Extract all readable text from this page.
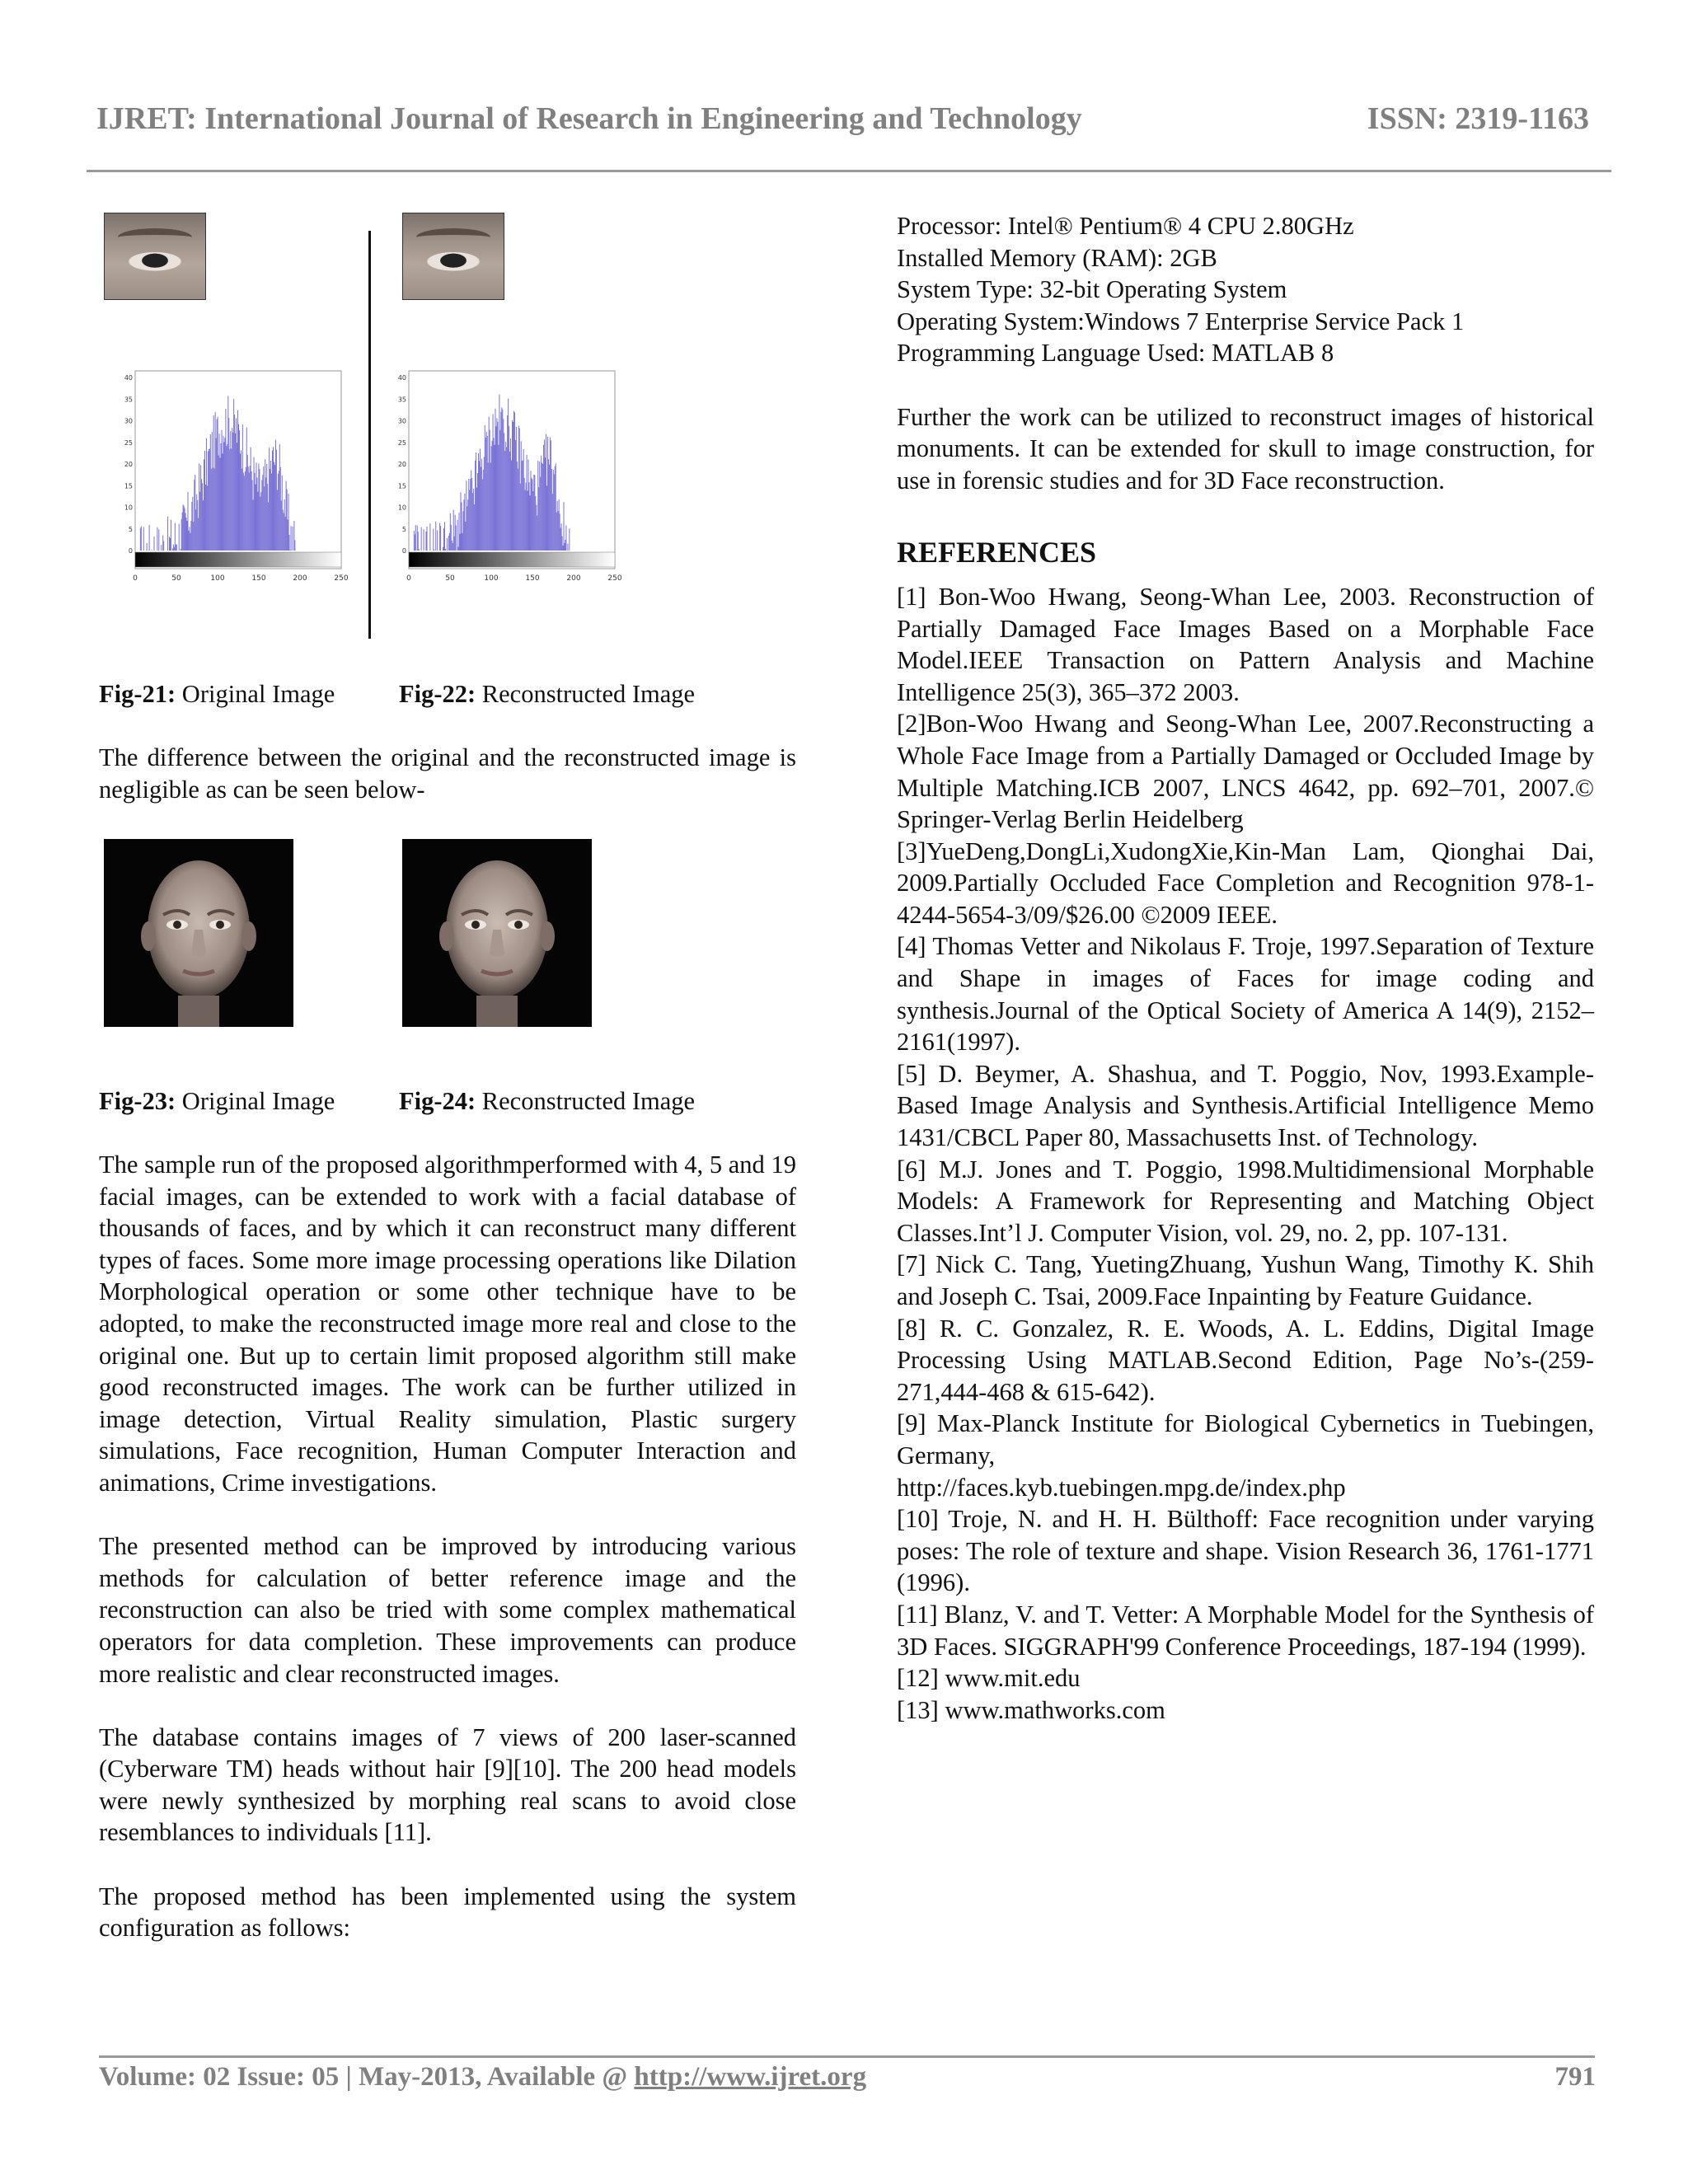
IJRET: International Journal of Research in Engineering and Technology	ISSN: 2319-1163
0	50	100	150	200	250
0
5
10
15
20
25
30
35
40
0	50	100	150	200	250
0
5
10
15
20
25
30
35
40
Fig-21: Original Image	Fig-22: Reconstructed Image

The difference between the original and the reconstructed image is negligible as can be seen below-

Fig-23: Original Image	Fig-24: Reconstructed Image

The sample run of the proposed algorithmperformed with 4, 5 and 19 facial images, can be extended to work with a facial database of thousands of faces, and by which it can reconstruct many different types of faces. Some more image processing operations like Dilation Morphological operation or some other technique have to be adopted, to make the reconstructed image more real and close to the original one. But up to certain limit proposed algorithm still make good reconstructed images. The work can be further utilized in image detection, Virtual Reality simulation, Plastic surgery simulations, Face recognition, Human Computer Interaction and animations, Crime investigations.

The presented method can be improved by introducing various methods for calculation of better reference image and the reconstruction can also be tried with some complex mathematical operators for data completion. These improvements can produce more realistic and clear reconstructed images.

The database contains images of 7 views of 200 laser-scanned (Cyberware TM) heads without hair [9][10]. The 200 head models were newly synthesized by morphing real scans to avoid close resemblances to individuals [11].

The proposed method has been implemented using the system configuration as follows:

Processor: Intel® Pentium® 4 CPU 2.80GHz

Installed Memory (RAM): 2GB

System Type: 32-bit Operating System

Operating System:Windows 7 Enterprise Service Pack 1

Programming Language Used: MATLAB 8

Further the work can be utilized to reconstruct images of historical monuments. It can be extended for skull to image construction, for use in forensic studies and for 3D Face reconstruction.

REFERENCES

[1] Bon-Woo Hwang, Seong-Whan Lee, 2003. Reconstruction of Partially Damaged Face Images Based on a Morphable Face Model.IEEE Transaction on Pattern Analysis and Machine Intelligence 25(3), 365–372 2003.

[2]Bon-Woo Hwang and Seong-Whan Lee, 2007.Reconstructing a Whole Face Image from a Partially Damaged or Occluded Image by Multiple Matching.ICB 2007, LNCS 4642, pp. 692–701, 2007.© Springer-Verlag Berlin Heidelberg

[3]YueDeng,DongLi,XudongXie,Kin-Man Lam, Qionghai Dai, 2009.Partially Occluded Face Completion and Recognition 978-1-4244-5654-3/09/$26.00 ©2009 IEEE.

[4] Thomas Vetter and Nikolaus F. Troje, 1997.Separation of Texture and Shape in images of Faces for image coding and synthesis.Journal of the Optical Society of America A 14(9), 2152–2161(1997).

[5] D. Beymer, A. Shashua, and T. Poggio, Nov, 1993.Example-Based Image Analysis and Synthesis.Artificial Intelligence Memo 1431/CBCL Paper 80, Massachusetts Inst. of Technology.

[6] M.J. Jones and T. Poggio, 1998.Multidimensional Morphable Models: A Framework for Representing and Matching Object Classes.Int’l J. Computer Vision, vol. 29, no. 2, pp. 107-131.

[7] Nick C. Tang, YuetingZhuang, Yushun Wang, Timothy K. Shih and Joseph C. Tsai, 2009.Face Inpainting by Feature Guidance.

[8] R. C. Gonzalez, R. E. Woods, A. L. Eddins, Digital Image Processing Using MATLAB.Second Edition, Page No’s-(259-271,444-468 & 615-642).

[9] Max-Planck Institute for Biological Cybernetics in Tuebingen, Germany,

http://faces.kyb.tuebingen.mpg.de/index.php

[10] Troje, N. and H. H. Bülthoff: Face recognition under varying poses: The role of texture and shape. Vision Research 36, 1761-1771 (1996).

[11] Blanz, V. and T. Vetter: A Morphable Model for the Synthesis of 3D Faces. SIGGRAPH'99 Conference Proceedings, 187-194 (1999).

[12] www.mit.edu

[13] www.mathworks.com

Volume: 02 Issue: 05 | May-2013, Available @ http://www.ijret.org	791
